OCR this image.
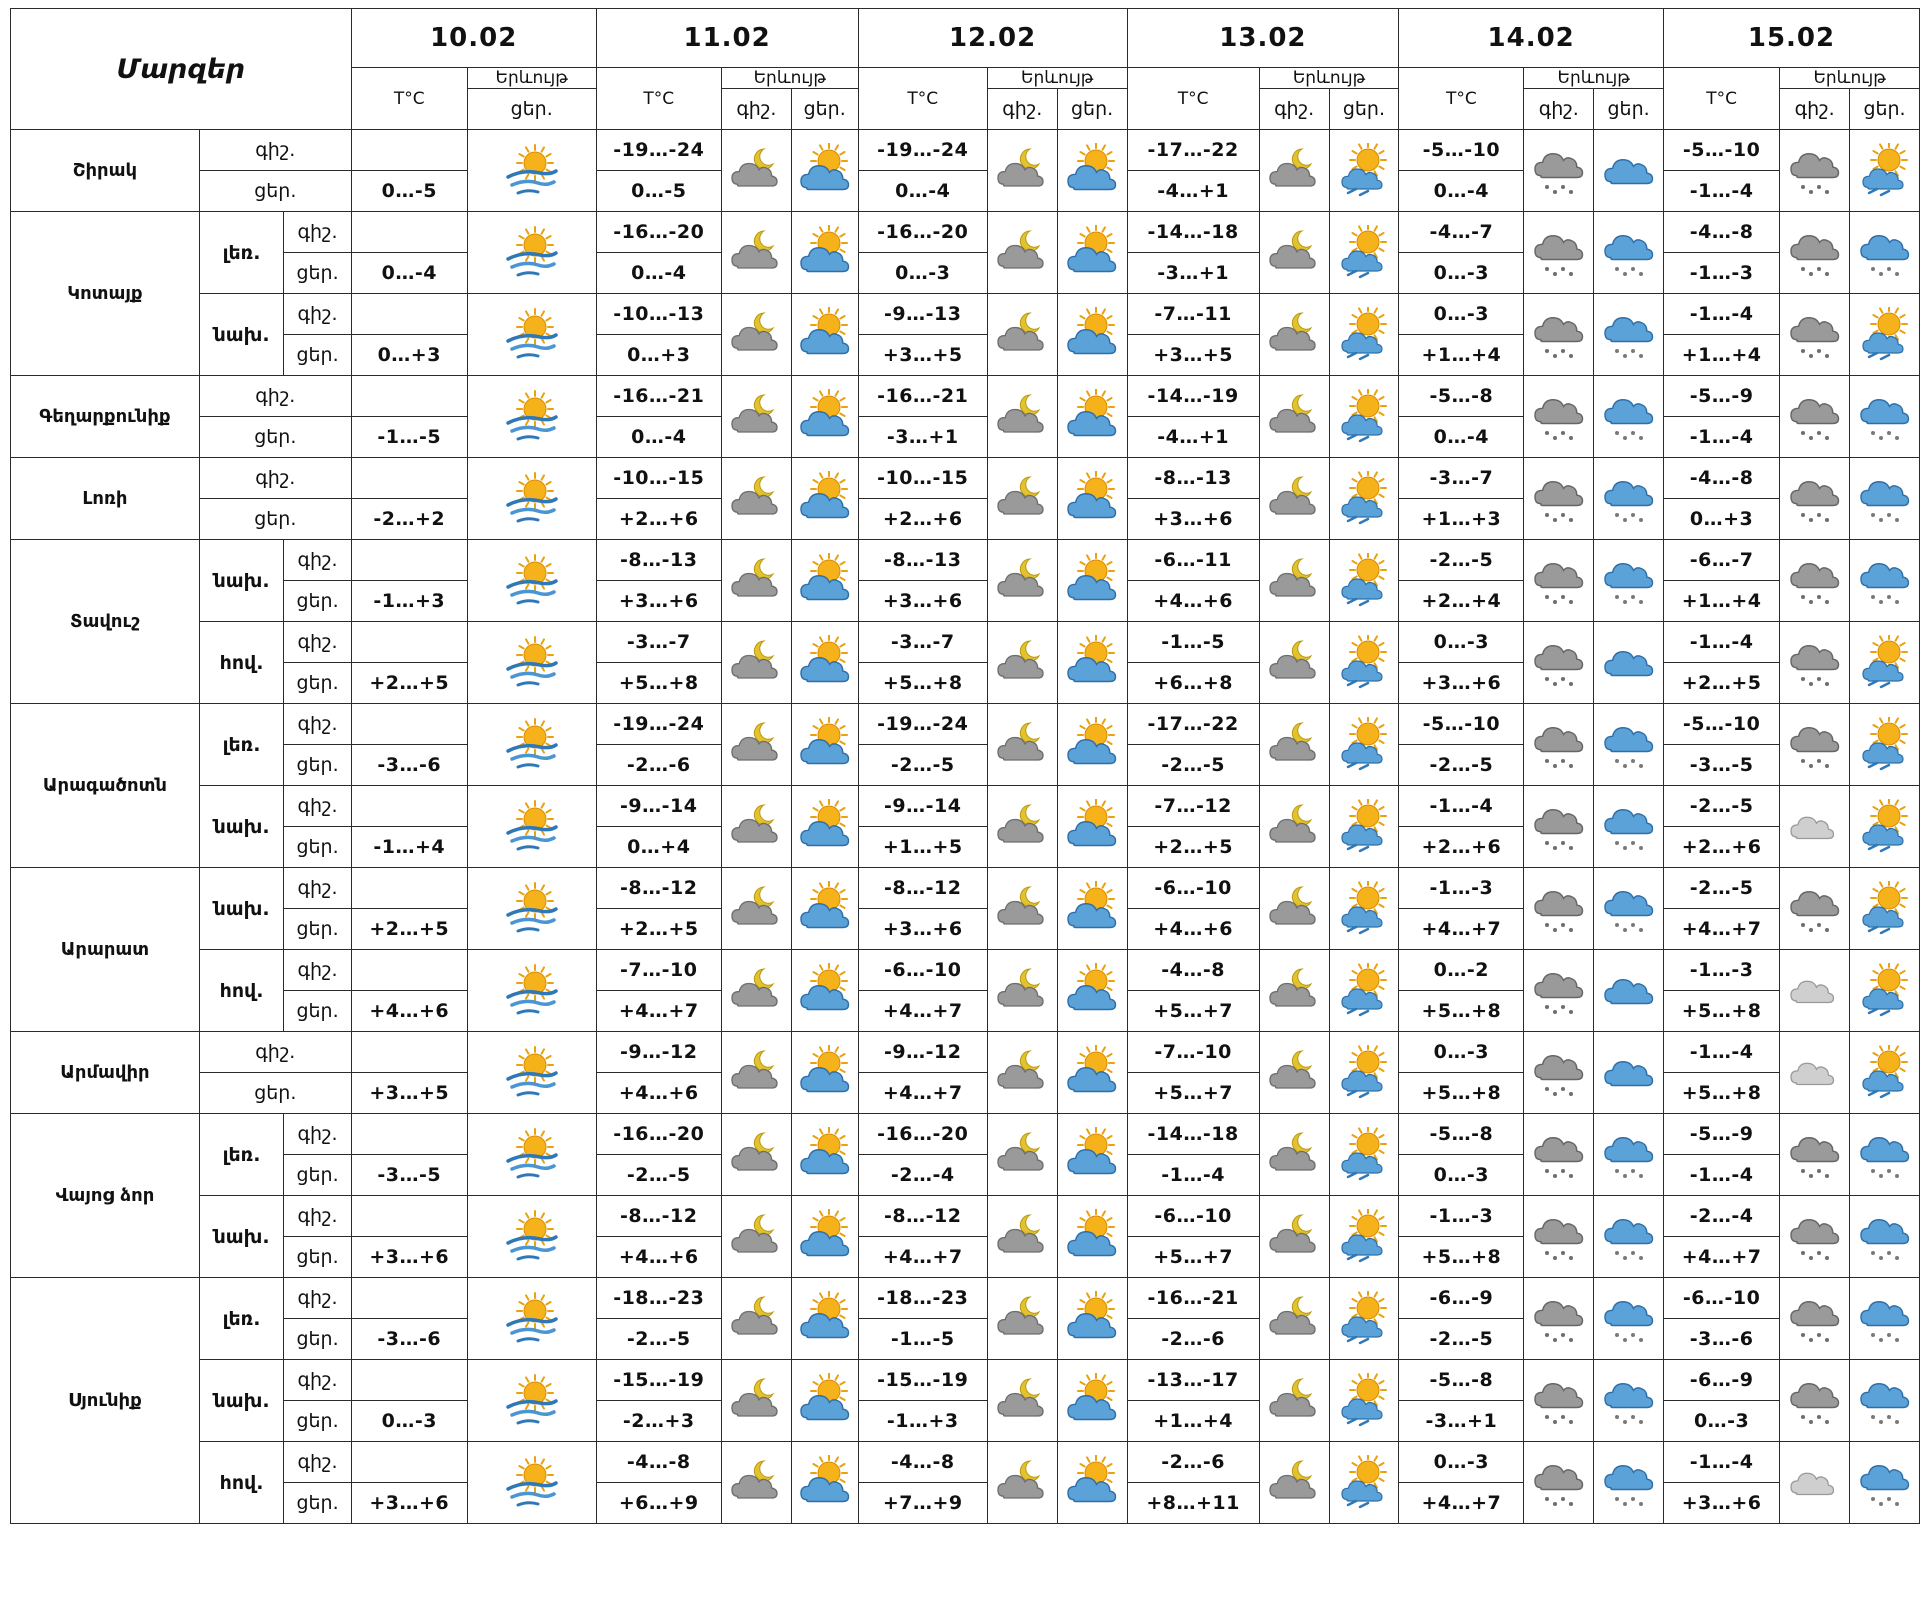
Մարզեր			10.02		11.02			12.02			13.02			14.02			15.02		
			T°C	Երևույթ	T°C	Երևույթ		T°C	Երևույթ		T°C	Երևույթ		T°C	Երևույթ		T°C	Երևույթ	
				ցեր.		գիշ.	ցեր.		գիշ.	ցեր.		գիշ.	ցեր.		գիշ.	ցեր.		գիշ.	ցեր.
Շիրակ	գիշ.				-19…-24			-19…-24			-17…-22			-5…-10			-5…-10	

	ցեր.		0…-5		0…-5			0…-4			-4…+1			0…-4			-1…-4		
Կոտայք	լեռ.	գիշ.			-16…-20			-16…-20			-14…-18			-4…-7			-4…-8	

		ցեր.	0…-4		0…-4			0…-3			-3…+1			0…-3			-1…-3		
	նախ.	գիշ.			-10…-13			-9…-13			-7…-11			0…-3			-1…-4	

		ցեր.	0…+3		0…+3			+3…+5			+3…+5			+1…+4			+1…+4		
Գեղարքունիք	գիշ.				-16…-21			-16…-21			-14…-19			-5…-8			-5…-9	

	ցեր.		-1…-5		0…-4			-3…+1			-4…+1			0…-4			-1…-4		
Լոռի	գիշ.				-10…-15			-10…-15			-8…-13			-3…-7			-4…-8	

	ցեր.		-2…+2		+2…+6			+2…+6			+3…+6			+1…+3			0…+3		
Տավուշ	նախ.	գիշ.			-8…-13			-8…-13			-6…-11			-2…-5			-6…-7	

		ցեր.	-1…+3		+3…+6			+3…+6			+4…+6			+2…+4			+1…+4		
	հով.	գիշ.			-3…-7			-3…-7			-1…-5			0…-3			-1…-4	

		ցեր.	+2…+5		+5…+8			+5…+8			+6…+8			+3…+6			+2…+5		
Արագածոտն	լեռ.	գիշ.			-19…-24			-19…-24			-17…-22			-5…-10			-5…-10	

		ցեր.	-3…-6		-2…-6			-2…-5			-2…-5			-2…-5			-3…-5		
	նախ.	գիշ.			-9…-14			-9…-14			-7…-12			-1…-4			-2…-5	

		ցեր.	-1…+4		0…+4			+1…+5			+2…+5			+2…+6			+2…+6		
Արարատ	նախ.	գիշ.			-8…-12			-8…-12			-6…-10			-1…-3			-2…-5	

		ցեր.	+2…+5		+2…+5			+3…+6			+4…+6			+4…+7			+4…+7		
	հով.	գիշ.			-7…-10			-6…-10			-4…-8			0…-2			-1…-3	

		ցեր.	+4…+6		+4…+7			+4…+7			+5…+7			+5…+8			+5…+8		
Արմավիր	գիշ.				-9…-12			-9…-12			-7…-10			0…-3			-1…-4	

	ցեր.		+3…+5		+4…+6			+4…+7			+5…+7			+5…+8			+5…+8		
Վայոց ձոր	լեռ.	գիշ.			-16…-20			-16…-20			-14…-18			-5…-8			-5…-9	

		ցեր.	-3…-5		-2…-5			-2…-4			-1…-4			0…-3			-1…-4		
	նախ.	գիշ.			-8…-12			-8…-12			-6…-10			-1…-3			-2…-4	

		ցեր.	+3…+6		+4…+6			+4…+7			+5…+7			+5…+8			+4…+7		
Սյունիք	լեռ.	գիշ.			-18…-23			-18…-23			-16…-21			-6…-9			-6…-10	

		ցեր.	-3…-6		-2…-5			-1…-5			-2…-6			-2…-5			-3…-6		
	նախ.	գիշ.			-15…-19			-15…-19			-13…-17			-5…-8			-6…-9	

		ցեր.	0…-3		-2…+3			-1…+3			+1…+4			-3…+1			0…-3		
	հով.	գիշ.			-4…-8			-4…-8			-2…-6			0…-3			-1…-4	

		ցեր.	+3…+6		+6…+9			+7…+9			+8…+11			+4…+7			+3…+6		
